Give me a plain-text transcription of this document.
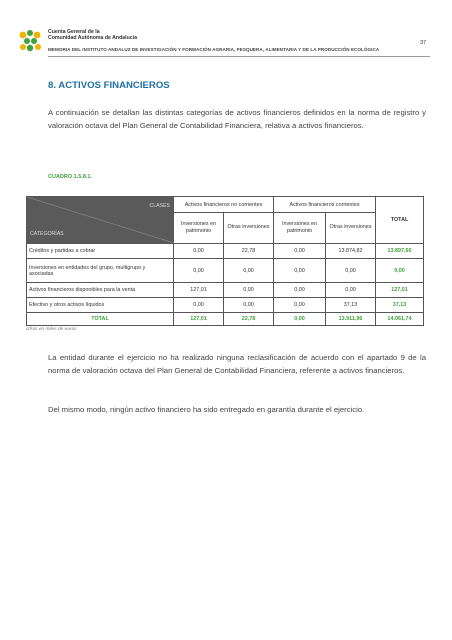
Cuenta General de la
Comunidad Autónoma de Andalucía
37
MEMORIA DEL INSTITUTO ANDALUZ DE INVESTIGACIÓN Y FORMACIÓN AGRARIA, PESQUERA, ALIMENTARIA Y DE LA PRODUCCIÓN ECOLÓGICA
8. ACTIVOS FINANCIEROS
A continuación se detallan las distintas categorías de activos financieros definidos en la norma de registro y valoración octava del Plan General de Contabilidad Financiera, relativa a activos financieros.
CUADRO 1.5.8.1.
CLASES
CATEGORÍAS	Activos financieros no corrientes		Activos financieros corrientes		TOTAL
	Inversiones en patrimonio	Otras inversiones	Inversiones en patrimonio	Otras inversiones	
Créditos y partidas a cobrar	0,00	22,78	0,00	13.874,82	13.897,60
Inversiones en entidades del grupo, multigrupo y asociadas	0,00	0,00	0,00	0,00	0,00
Activos financieros disponibles para la venta	127,01	0,00	0,00	0,00	127,01
Efectivo y otros activos líquidos	0,00	0,00	0,00	37,13	37,13
TOTAL	127,01	22,78	0,00	13.911,96	14.061,74
cifras en miles de euros
La entidad durante el ejercicio no ha realizado ninguna reclasificación de acuerdo con el apartado 9 de la norma de valoración octava del Plan General de Contabilidad Financiera, referente a activos financieros.
Del mismo modo, ningún activo financiero ha sido entregado en garantía durante el ejercicio.
